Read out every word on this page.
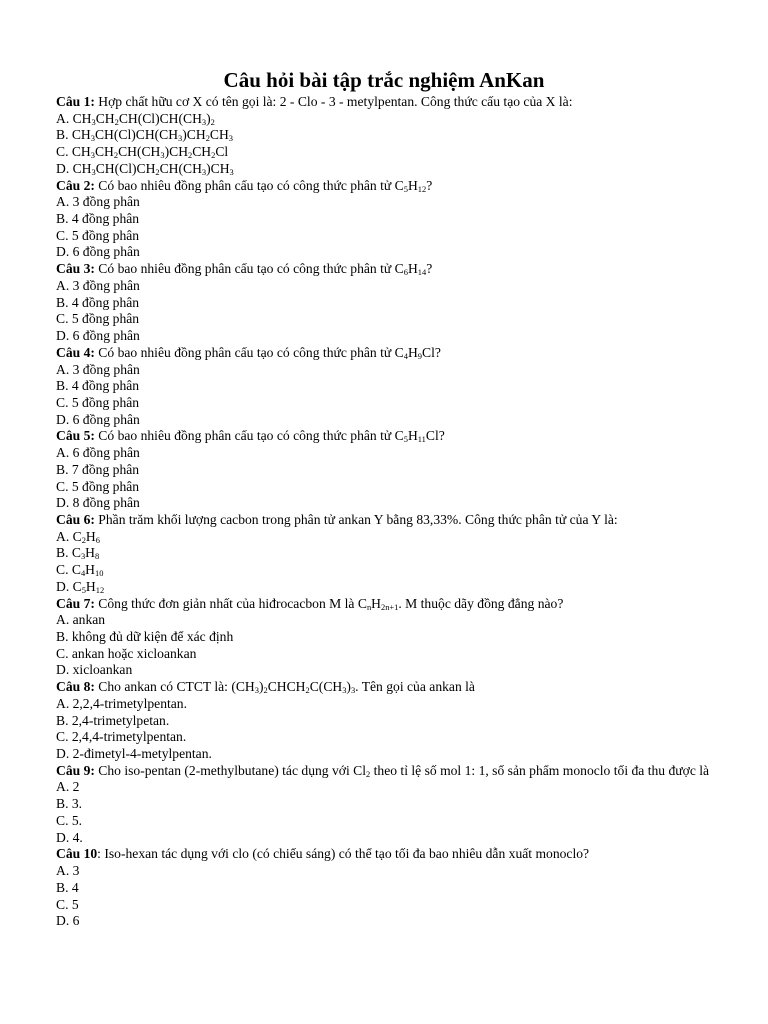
Câu hỏi bài tập trắc nghiệm AnKan
Câu 1: Hợp chất hữu cơ X có tên gọi là: 2 - Clo - 3 - metylpentan. Công thức cấu tạo của X là:
A. $CH_3CH_2CH(Cl)CH(CH_3)_2$
B. $CH_3CH(Cl)CH(CH_3)CH_2CH_3$
C. $CH_3CH_2CH(CH_3)CH_2CH_2Cl$
D. $CH_3CH(Cl)CH_2CH(CH_3)CH_3$
Câu 2: Có bao nhiêu đồng phân cấu tạo có công thức phân tử $C_5H_{12}$?
A. 3 đồng phân
B. 4 đồng phân
C. 5 đồng phân
D. 6 đồng phân
Câu 3: Có bao nhiêu đồng phân cấu tạo có công thức phân tử $C_6H_{14}$?
A. 3 đồng phân
B. 4 đồng phân
C. 5 đồng phân
D. 6 đồng phân
Câu 4: Có bao nhiêu đồng phân cấu tạo có công thức phân tử $C_4H_9Cl$?
A. 3 đồng phân
B. 4 đồng phân
C. 5 đồng phân
D. 6 đồng phân
Câu 5: Có bao nhiêu đồng phân cấu tạo có công thức phân tử $C_5H_{11}Cl$?
A. 6 đồng phân
B. 7 đồng phân
C. 5 đồng phân
D. 8 đồng phân
Câu 6: Phần trăm khối lượng cacbon trong phân tử ankan Y bằng 83,33%. Công thức phân tử của Y là:
A. $C_2H_6$
B. $C_3H_8$
C. $C_4H_{10}$
D. $C_5H_{12}$
Câu 7: Công thức đơn giản nhất của hiđrocacbon M là $C_nH_{2n+1}$. M thuộc dãy đồng đẳng nào?
A. ankan
B. không đủ dữ kiện để xác định
C. ankan hoặc xicloankan
D. xicloankan
Câu 8: Cho ankan có CTCT là: $(CH_3)_2CHCH_2C(CH_3)_3$. Tên gọi của ankan là
A. 2,2,4-trimetylpentan.
B. 2,4-trimetylpetan.
C. 2,4,4-trimetylpentan.
D. 2-đimetyl-4-metylpentan.
Câu 9: Cho iso-pentan (2-methylbutane) tác dụng với $Cl_2$ theo tỉ lệ số mol 1: 1, số sản phẩm monoclo tối đa thu được là
A. 2
B. 3.
C. 5.
D. 4.
Câu 10: Iso-hexan tác dụng với clo (có chiếu sáng) có thể tạo tối đa bao nhiêu dẫn xuất monoclo?
A. 3
B. 4
C. 5
D. 6
